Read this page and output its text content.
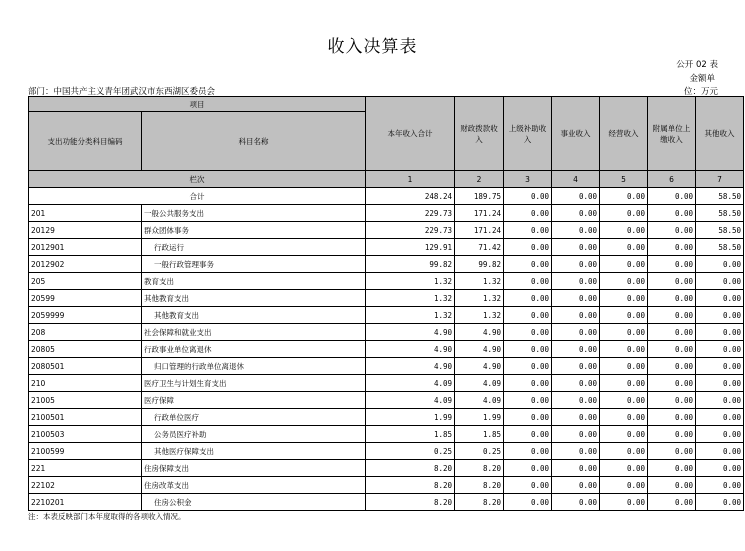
收入决算表
公开 02 表
金额单
部门：中国共产主义青年团武汉市东西湖区委员会	位：万元
项目		本年收入合计	财政拨款收入	上级补助收入	事业收入	经营收入	附属单位上缴收入	其他收入
支出功能分类科目编码	科目名称							
栏次		1	2	3	4	5	6	7
合计		248.24	189.75	0.00	0.00	0.00	0.00	58.50
201	一般公共服务支出	229.73	171.24	0.00	0.00	0.00	0.00	58.50
20129	群众团体事务	229.73	171.24	0.00	0.00	0.00	0.00	58.50
2012901	行政运行	129.91	71.42	0.00	0.00	0.00	0.00	58.50
2012902	一般行政管理事务	99.82	99.82	0.00	0.00	0.00	0.00	0.00
205	教育支出	1.32	1.32	0.00	0.00	0.00	0.00	0.00
20599	其他教育支出	1.32	1.32	0.00	0.00	0.00	0.00	0.00
2059999	其他教育支出	1.32	1.32	0.00	0.00	0.00	0.00	0.00
208	社会保障和就业支出	4.90	4.90	0.00	0.00	0.00	0.00	0.00
20805	行政事业单位离退休	4.90	4.90	0.00	0.00	0.00	0.00	0.00
2080501	归口管理的行政单位离退休	4.90	4.90	0.00	0.00	0.00	0.00	0.00
210	医疗卫生与计划生育支出	4.09	4.09	0.00	0.00	0.00	0.00	0.00
21005	医疗保障	4.09	4.09	0.00	0.00	0.00	0.00	0.00
2100501	行政单位医疗	1.99	1.99	0.00	0.00	0.00	0.00	0.00
2100503	公务员医疗补助	1.85	1.85	0.00	0.00	0.00	0.00	0.00
2100599	其他医疗保障支出	0.25	0.25	0.00	0.00	0.00	0.00	0.00
221	住房保障支出	8.20	8.20	0.00	0.00	0.00	0.00	0.00
22102	住房改革支出	8.20	8.20	0.00	0.00	0.00	0.00	0.00
2210201	住房公积金	8.20	8.20	0.00	0.00	0.00	0.00	0.00
注：本表反映部门本年度取得的各项收入情况。
